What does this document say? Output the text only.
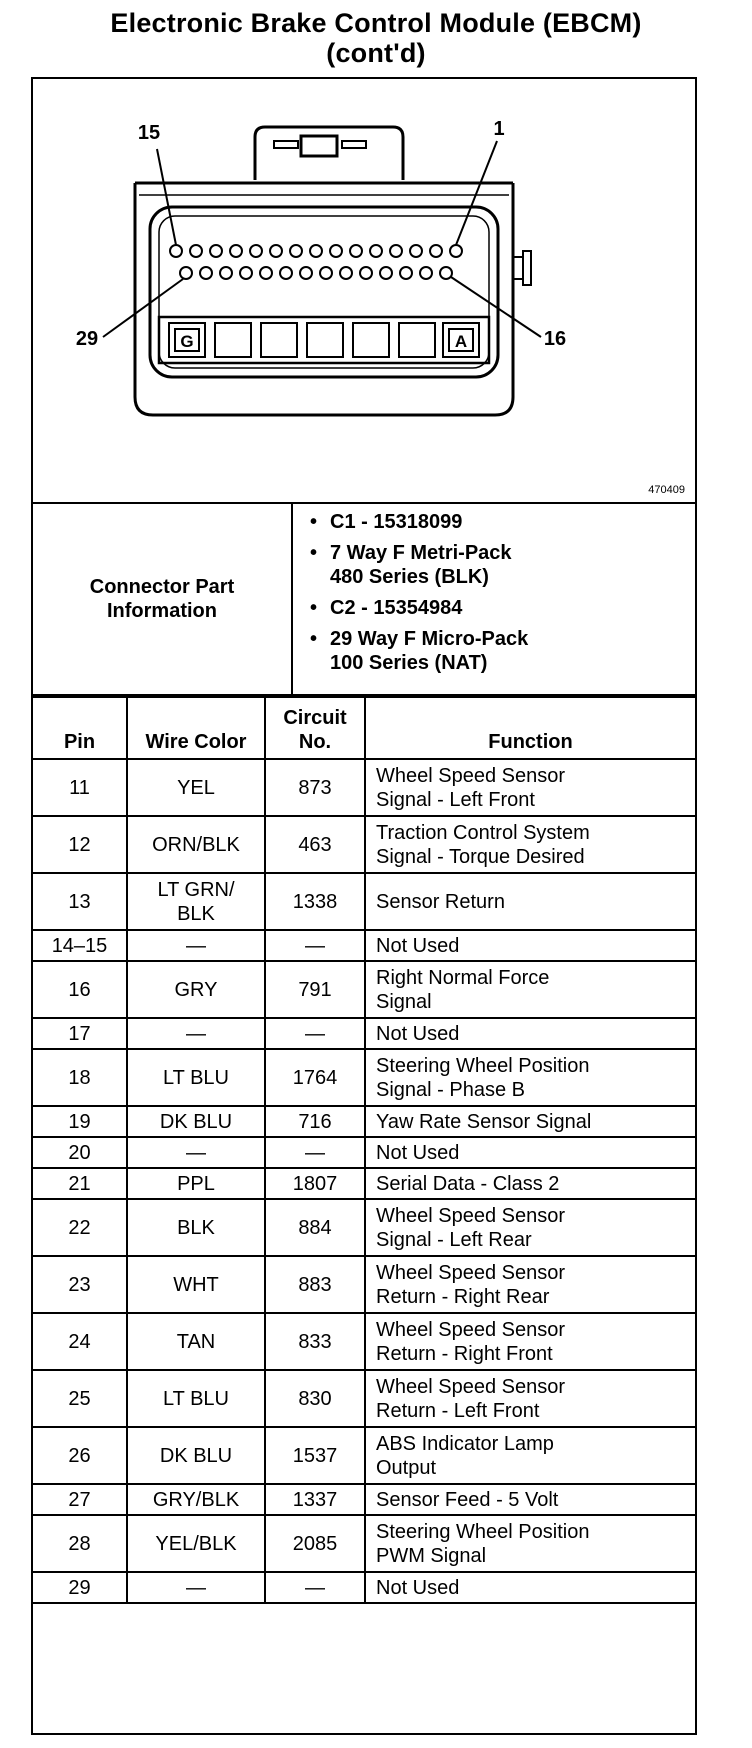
Electronic Brake Control Module (EBCM)
(cont'd)
15	1
29	16
G	A
470409
Connector Part
Information
• C1 - 15318099
• 7 Way F Metri-Pack
480 Series (BLK)
• C2 - 15354984
• 29 Way F Micro-Pack
100 Series (NAT)
Pin	Wire Color	Circuit
No.	Function
11	YEL	873	Wheel Speed Sensor
Signal - Left Front
12	ORN/BLK	463	Traction Control System
Signal - Torque Desired
13	LT GRN/
BLK	1338	Sensor Return
14–15	—	—	Not Used
16	GRY	791	Right Normal Force
Signal
17	—	—	Not Used
18	LT BLU	1764	Steering Wheel Position
Signal - Phase B
19	DK BLU	716	Yaw Rate Sensor Signal
20	—	—	Not Used
21	PPL	1807	Serial Data - Class 2
22	BLK	884	Wheel Speed Sensor
Signal - Left Rear
23	WHT	883	Wheel Speed Sensor
Return - Right Rear
24	TAN	833	Wheel Speed Sensor
Return - Right Front
25	LT BLU	830	Wheel Speed Sensor
Return - Left Front
26	DK BLU	1537	ABS Indicator Lamp
Output
27	GRY/BLK	1337	Sensor Feed - 5 Volt
28	YEL/BLK	2085	Steering Wheel Position
PWM Signal
29	—	—	Not Used
